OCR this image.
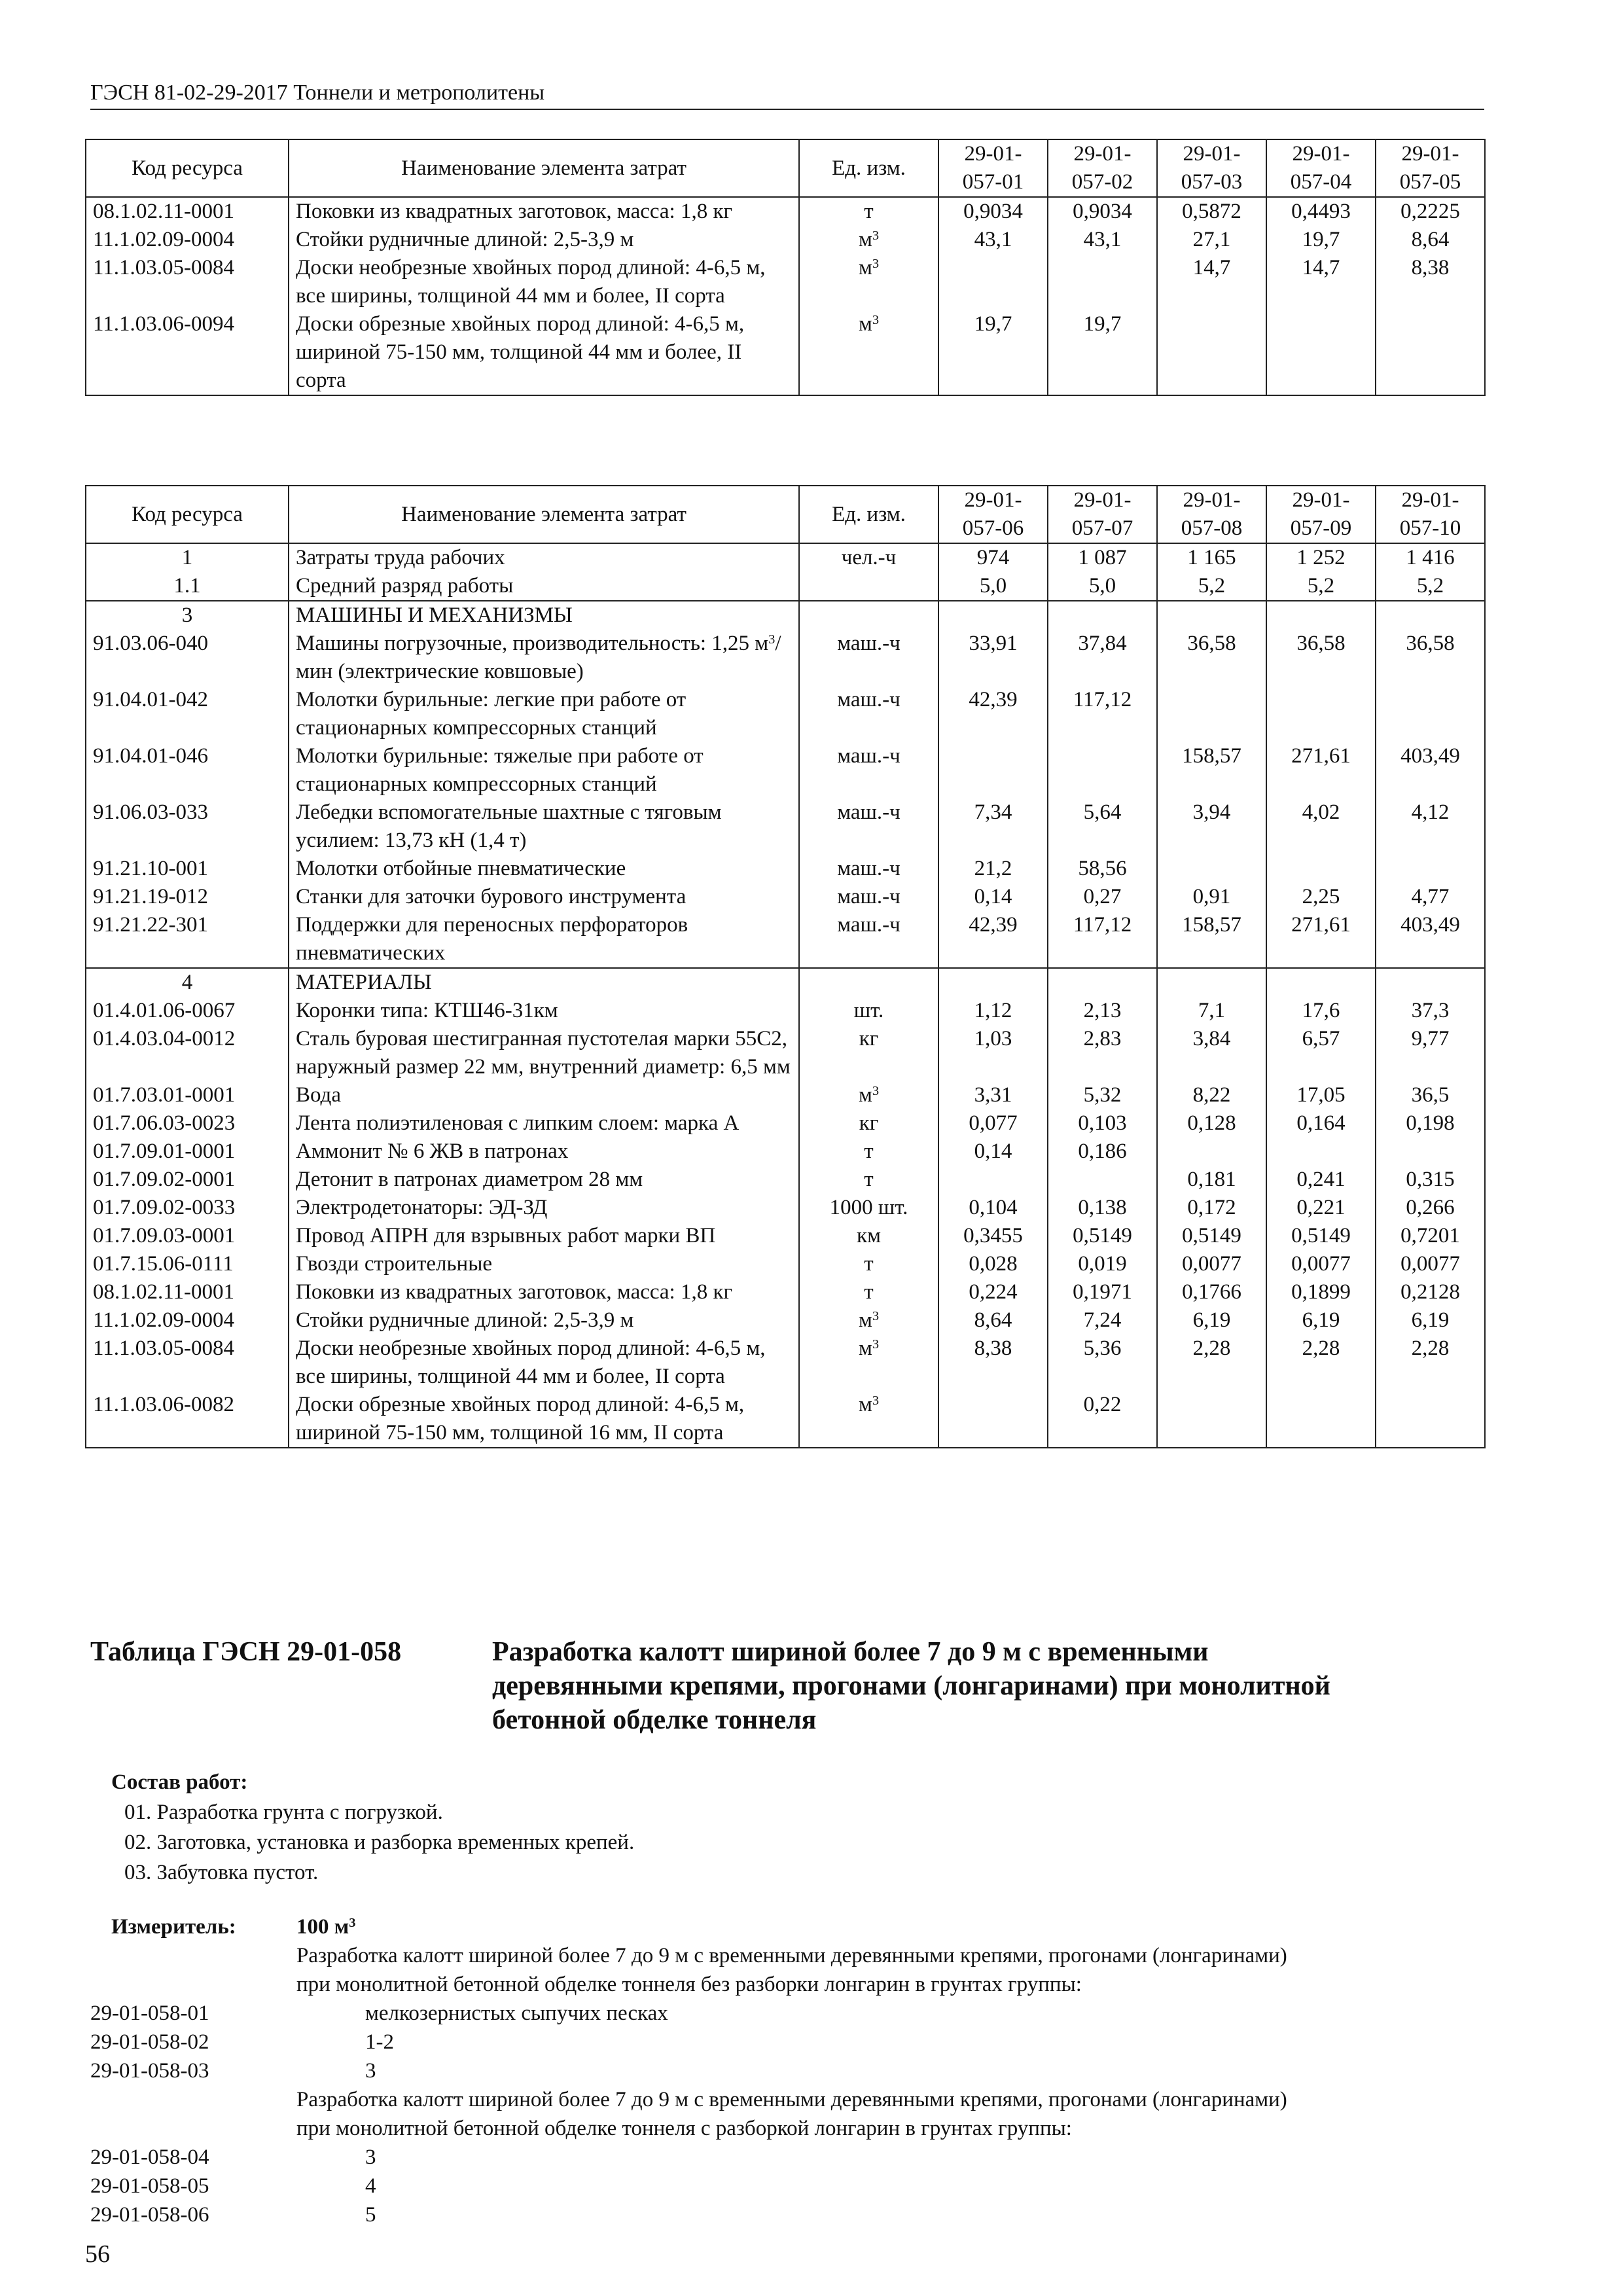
ГЭСН 81-02-29-2017 Тоннели и метрополитены
Код ресурса	Наименование элемента затрат	Ед. изм.	29-01-057-01	29-01-057-02	29-01-057-03	29-01-057-04	29-01-057-05
08.1.02.11-0001	Поковки из квадратных заготовок, масса: 1,8 кг	т	0,9034	0,9034	0,5872	0,4493	0,2225
11.1.02.09-0004	Стойки рудничные длиной: 2,5-3,9 м	$м^3$	43,1	43,1	27,1	19,7	8,64
11.1.03.05-0084	Доски необрезные хвойных пород длиной: 4-6,5 м, все ширины, толщиной 44 мм и более, II сорта	$м^3$			14,7	14,7	8,38
11.1.03.06-0094	Доски обрезные хвойных пород длиной: 4-6,5 м, шириной 75-150 мм, толщиной 44 мм и более, II сорта	$м^3$	19,7	19,7			
Код ресурса	Наименование элемента затрат	Ед. изм.	29-01-057-06	29-01-057-07	29-01-057-08	29-01-057-09	29-01-057-10
1	Затраты труда рабочих	чел.-ч	974	1 087	1 165	1 252	1 416
1.1	Средний разряд работы		5,0	5,0	5,2	5,2	5,2
3	МАШИНЫ И МЕХАНИЗМЫ						
91.03.06-040	Машины погрузочные, производительность: 1,25 $м^3$/мин (электрические ковшовые)	маш.-ч	33,91	37,84	36,58	36,58	36,58
91.04.01-042	Молотки бурильные: легкие при работе от стационарных компрессорных станций	маш.-ч	42,39	117,12			
91.04.01-046	Молотки бурильные: тяжелые при работе от стационарных компрессорных станций	маш.-ч			158,57	271,61	403,49
91.06.03-033	Лебедки вспомогательные шахтные с тяговым усилием: 13,73 кН (1,4 т)	маш.-ч	7,34	5,64	3,94	4,02	4,12
91.21.10-001	Молотки отбойные пневматические	маш.-ч	21,2	58,56			
91.21.19-012	Станки для заточки бурового инструмента	маш.-ч	0,14	0,27	0,91	2,25	4,77
91.21.22-301	Поддержки для переносных перфораторов пневматических	маш.-ч	42,39	117,12	158,57	271,61	403,49
4	МАТЕРИАЛЫ						
01.4.01.06-0067	Коронки типа: КТШ46-31км	шт.	1,12	2,13	7,1	17,6	37,3
01.4.03.04-0012	Сталь буровая шестигранная пустотелая марки 55С2, наружный размер 22 мм, внутренний диаметр: 6,5 мм	кг	1,03	2,83	3,84	6,57	9,77
01.7.03.01-0001	Вода	$м^3$	3,31	5,32	8,22	17,05	36,5
01.7.06.03-0023	Лента полиэтиленовая с липким слоем: марка А	кг	0,077	0,103	0,128	0,164	0,198
01.7.09.01-0001	Аммонит № 6 ЖВ в патронах	т	0,14	0,186			
01.7.09.02-0001	Детонит в патронах диаметром 28 мм	т			0,181	0,241	0,315
01.7.09.02-0033	Электродетонаторы: ЭД-ЗД	1000 шт.	0,104	0,138	0,172	0,221	0,266
01.7.09.03-0001	Провод АПРН для взрывных работ марки ВП	км	0,3455	0,5149	0,5149	0,5149	0,7201
01.7.15.06-0111	Гвозди строительные	т	0,028	0,019	0,0077	0,0077	0,0077
08.1.02.11-0001	Поковки из квадратных заготовок, масса: 1,8 кг	т	0,224	0,1971	0,1766	0,1899	0,2128
11.1.02.09-0004	Стойки рудничные длиной: 2,5-3,9 м	$м^3$	8,64	7,24	6,19	6,19	6,19
11.1.03.05-0084	Доски необрезные хвойных пород длиной: 4-6,5 м, все ширины, толщиной 44 мм и более, II сорта	$м^3$	8,38	5,36	2,28	2,28	2,28
11.1.03.06-0082	Доски обрезные хвойных пород длиной: 4-6,5 м, шириной 75-150 мм, толщиной 16 мм, II сорта	$м^3$		0,22			
Таблица ГЭСН 29-01-058	Разработка калотт шириной более 7 до 9 м с временными
деревянными крепями, прогонами (лонгаринами) при монолитной
бетонной обделке тоннеля
Состав работ:
01. Разработка грунта с погрузкой.
02. Заготовка, установка и разборка временных крепей.
03. Забутовка пустот.
Измеритель:	100 $м^3$
Разработка калотт шириной более 7 до 9 м с временными деревянными крепями, прогонами (лонгаринами)
при монолитной бетонной обделке тоннеля без разборки лонгарин в грунтах группы:
29-01-058-01	мелкозернистых сыпучих песках
29-01-058-02	1-2
29-01-058-03	3
Разработка калотт шириной более 7 до 9 м с временными деревянными крепями, прогонами (лонгаринами)
при монолитной бетонной обделке тоннеля с разборкой лонгарин в грунтах группы:
29-01-058-04	3
29-01-058-05	4
29-01-058-06	5
56
